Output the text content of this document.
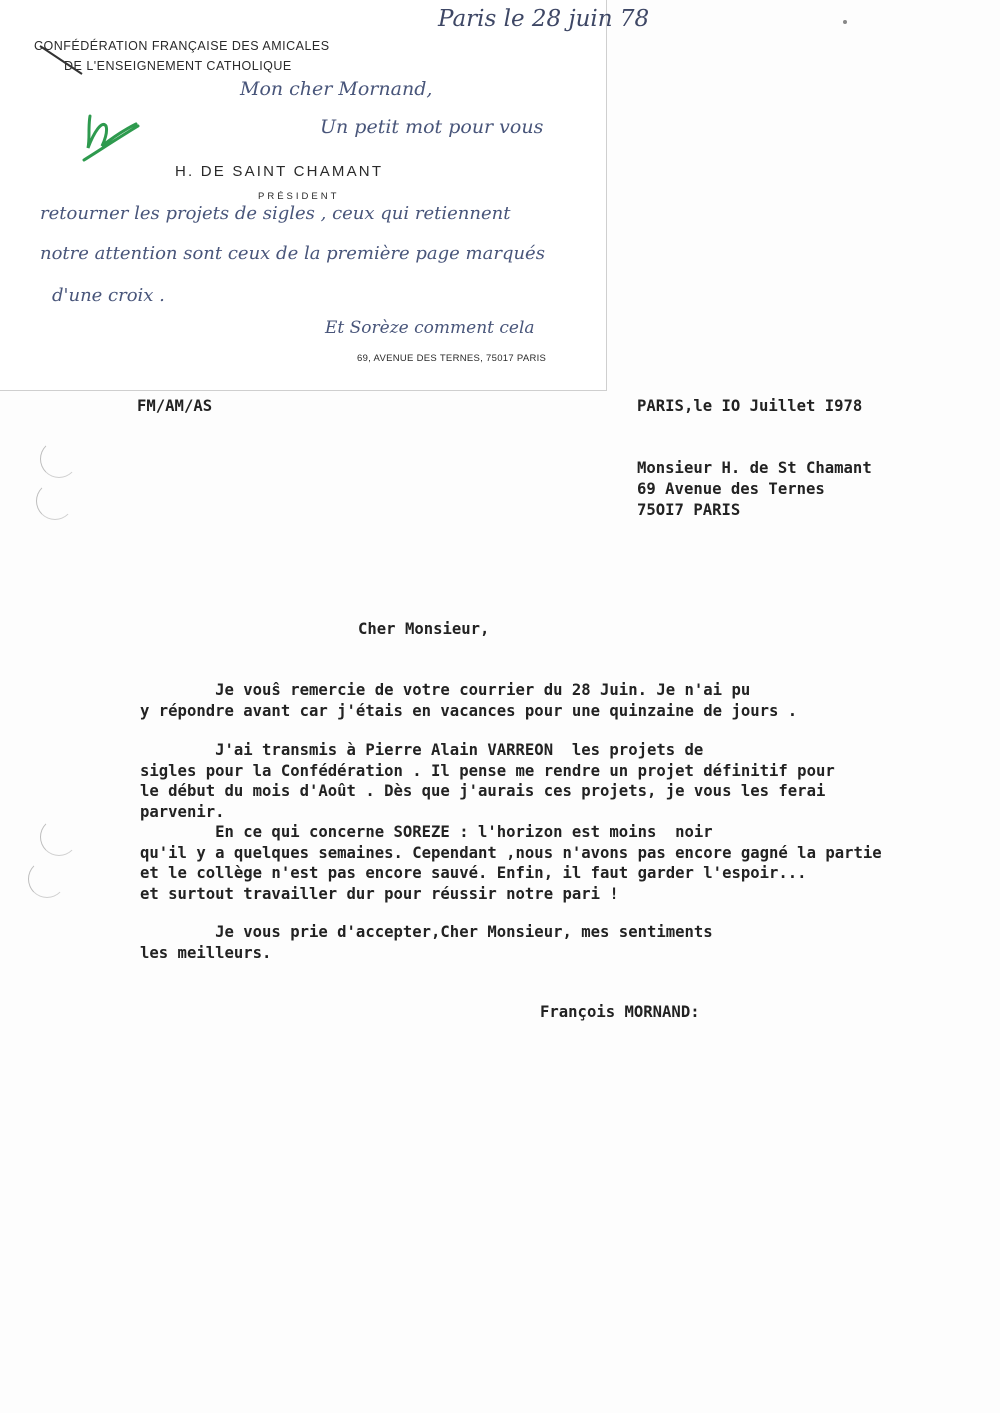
CONFÉDÉRATION FRANÇAISE DES AMICALES
DE L'ENSEIGNEMENT CATHOLIQUE
Paris le 28 juin 78
Mon cher Mornand,
Un petit mot pour vous
H. DE SAINT CHAMANT
PRÉSIDENT
retourner les projets de sigles , ceux qui retiennent
notre attention sont ceux de la première page marqués
d'une croix .
Et Sorèze comment cela
69, AVENUE DES TERNES, 75017 PARIS
FM/AM/AS	PARIS,le IO Juillet I978
Monsieur H. de St Chamant
69 Avenue des Ternes
75OI7 PARIS
Cher Monsieur,
Je vouŝ remercie de votre courrier du 28 Juin. Je n'ai pu
y répondre avant car j'étais en vacances pour une quinzaine de jours .
J'ai transmis à Pierre Alain VARREON  les projets de
sigles pour la Confédération . Il pense me rendre un projet définitif pour
le début du mois d'Août . Dès que j'aurais ces projets, je vous les ferai
parvenir.
En ce qui concerne SOREZE : l'horizon est moins  noir
qu'il y a quelques semaines. Cependant ,nous n'avons pas encore gagné la partie
et le collège n'est pas encore sauvé. Enfin, il faut garder l'espoir...
et surtout travailler dur pour réussir notre pari !
Je vous prie d'accepter,Cher Monsieur, mes sentiments
les meilleurs.
François MORNAND:
